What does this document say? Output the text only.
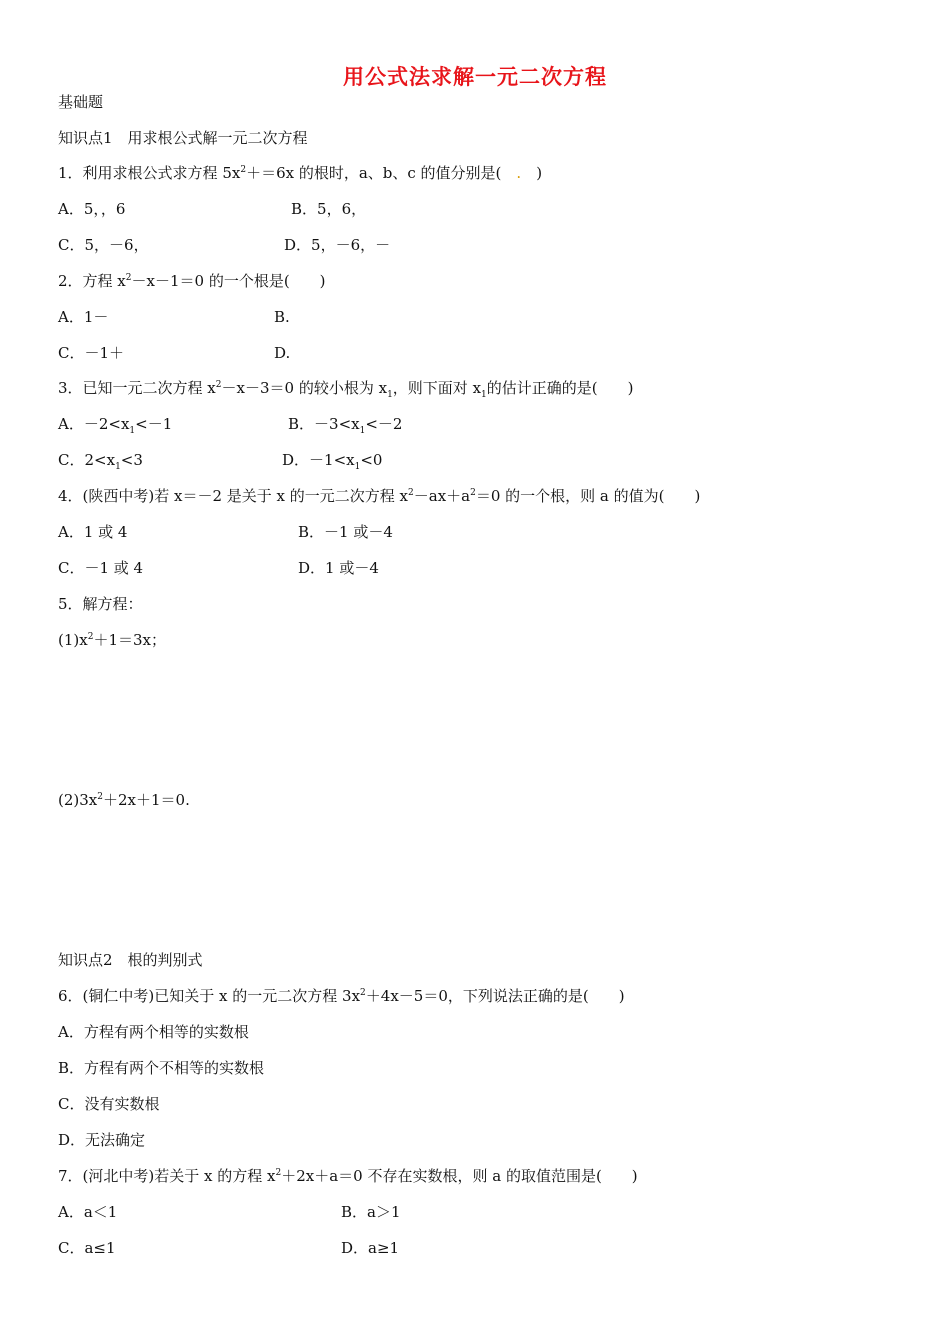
用公式法求解一元二次方程
基础题
知识点1　用求根公式解一元二次方程
1．利用求根公式求方程 $5x^2+=6x$ 的根时，a、b、c 的值分别是(　.　)
A．5，，6	B．5，6，
C．5，－6，	D．5，－6，－
2．方程 $x^2-x-1=0$ 的一个根是(　　)
A．1－	B.
C．－1＋	D.
3．已知一元二次方程 $x^2-x-3=0$ 的较小根为 $x_1$，则下面对 $x_1$的估计正确的是(　　)
A．$-2<x_1<-1$	B．$-3<x_1<-2$
C．$2<x_1<3$	D．$-1<x_1<0$
4．(陕西中考)若 x＝－2 是关于 x 的一元二次方程 $x^2-ax+a^2=0$ 的一个根，则 a 的值为(　　)
A．1 或 4	B．－1 或－4
C．－1 或 4	D．1 或－4
5．解方程：
$(1)x^2+1=3x$；
$(2)3x^2+2x+1=0$.
知识点2　根的判别式
6．(铜仁中考)已知关于 x 的一元二次方程 $3x^2+4x-5=0$，下列说法正确的是(　　)
A．方程有两个相等的实数根
B．方程有两个不相等的实数根
C．没有实数根
D．无法确定
7．(河北中考)若关于 x 的方程 $x^2+2x+a=0$ 不存在实数根，则 a 的取值范围是(　　)
A．a＜1	B．a＞1
C．a≤1	D．a≥1
